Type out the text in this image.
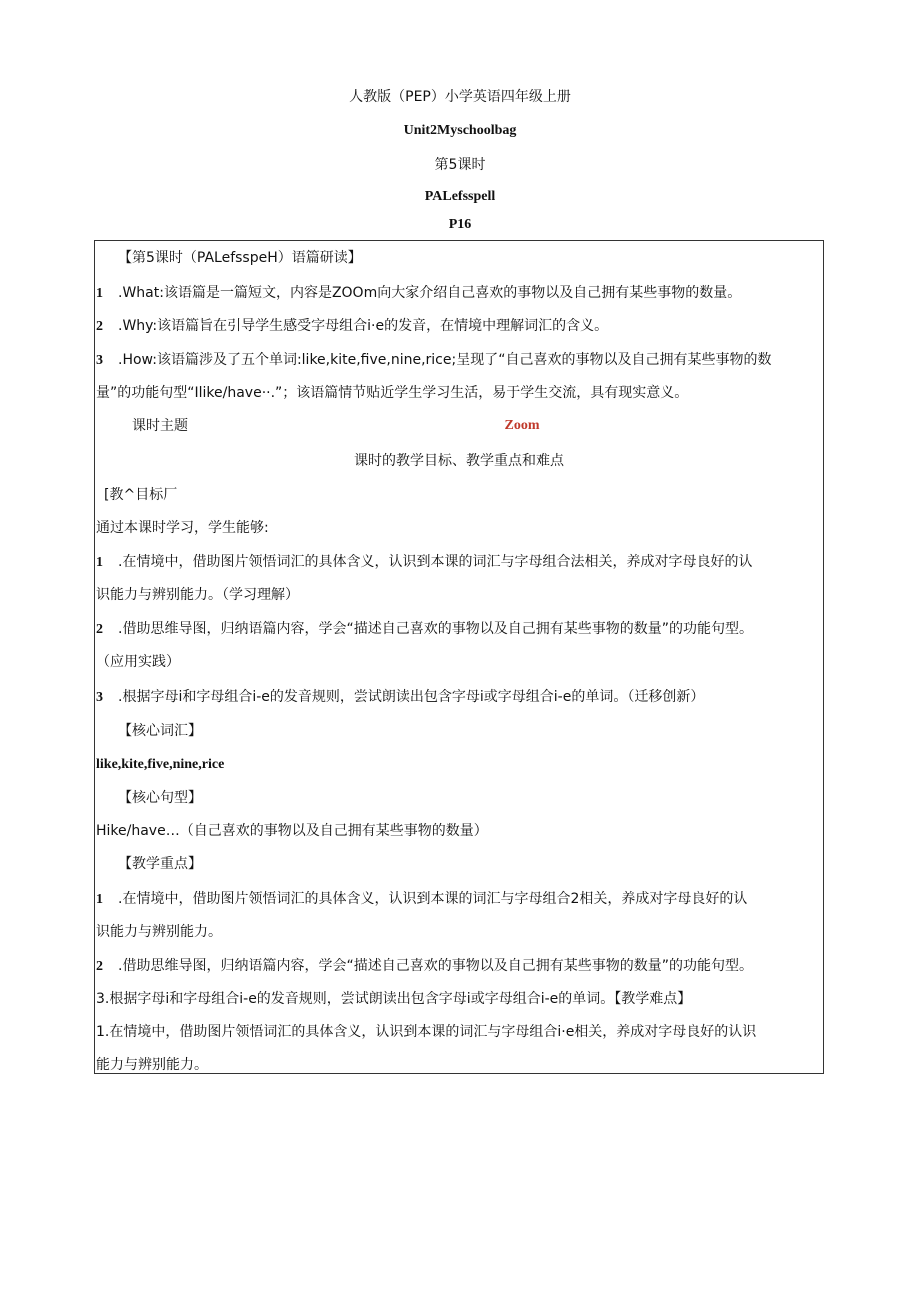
人教版（PEP）小学英语四年级上册
Unit2Myschoolbag
第5课时
PALefsspell
P16
【第5课时（PALefsspeH）语篇研读】
1 .What:该语篇是一篇短文，内容是ZOOm向大家介绍自己喜欢的事物以及自己拥有某些事物的数量。
2 .Why:该语篇旨在引导学生感受字母组合i·e的发音，在情境中理解词汇的含义。
3 .How:该语篇涉及了五个单词:like,kite,five,nine,rice;呈现了“自己喜欢的事物以及自己拥有某些事物的数
量”的功能句型“Ilike/have··.”；该语篇情节贴近学生学习生活，易于学生交流，具有现实意义。
课时主题	Zoom
课时的教学目标、教学重点和难点
[教^目标厂
通过本课时学习，学生能够:
1 .在情境中，借助图片领悟词汇的具体含义，认识到本课的词汇与字母组合法相关，养成对字母良好的认
识能力与辨别能力。（学习理解）
2 .借助思维导图，归纳语篇内容，学会“描述自己喜欢的事物以及自己拥有某些事物的数量”的功能句型。
（应用实践）
3 .根据字母i和字母组合i-e的发音规则，尝试朗读出包含字母i或字母组合i-e的单词。（迁移创新）
【核心词汇】
like,kite,five,nine,rice
【核心句型】
Hike/have…（自己喜欢的事物以及自己拥有某些事物的数量）
【教学重点】
1 .在情境中，借助图片领悟词汇的具体含义，认识到本课的词汇与字母组合2相关，养成对字母良好的认
识能力与辨别能力。
2 .借助思维导图，归纳语篇内容，学会“描述自己喜欢的事物以及自己拥有某些事物的数量”的功能句型。
3.根据字母i和字母组合i-e的发音规则，尝试朗读出包含字母i或字母组合i-e的单词。【教学难点】
1.在情境中，借助图片领悟词汇的具体含义，认识到本课的词汇与字母组合i·e相关，养成对字母良好的认识
能力与辨别能力。
